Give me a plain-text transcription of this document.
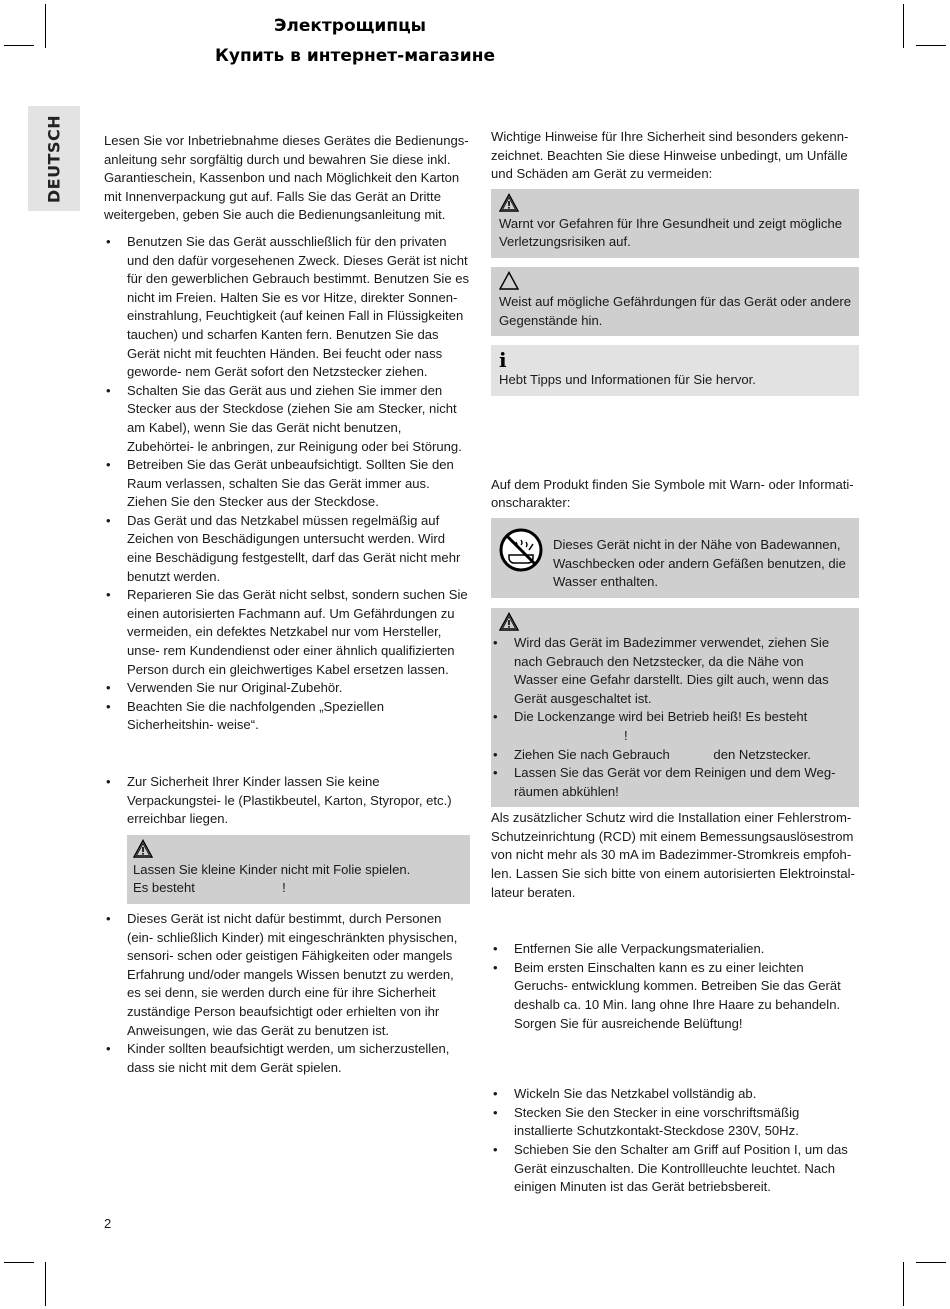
Электрощипцы
Купить в интернет-магазине
DEUTSCH	Lesen Sie vor Inbetriebnahme dieses Gerätes die Bedienungs- anleitung sehr sorgfältig durch und bewahren Sie diese inkl. Garantieschein, Kassenbon und nach Möglichkeit den Karton mit Innenverpackung gut auf. Falls Sie das Gerät an Dritte weitergeben, geben Sie auch die Bedienungsanleitung mit.

• Benutzen Sie das Gerät ausschließlich für den privaten und den dafür vorgesehenen Zweck. Dieses Gerät ist nicht für den gewerblichen Gebrauch bestimmt. Benutzen Sie es nicht im Freien. Halten Sie es vor Hitze, direkter Sonnen- einstrahlung, Feuchtigkeit (auf keinen Fall in Flüssigkeiten tauchen) und scharfen Kanten fern. Benutzen Sie das Gerät nicht mit feuchten Händen. Bei feucht oder nass geworde- nem Gerät sofort den Netzstecker ziehen.
• Schalten Sie das Gerät aus und ziehen Sie immer den Stecker aus der Steckdose (ziehen Sie am Stecker, nicht am Kabel), wenn Sie das Gerät nicht benutzen, Zubehörtei- le anbringen, zur Reinigung oder bei Störung.
• Betreiben Sie das Gerät unbeaufsichtigt. Sollten Sie den Raum verlassen, schalten Sie das Gerät immer aus. Ziehen Sie den Stecker aus der Steckdose.
• Das Gerät und das Netzkabel müssen regelmäßig auf Zeichen von Beschädigungen untersucht werden. Wird eine Beschädigung festgestellt, darf das Gerät nicht mehr benutzt werden.
• Reparieren Sie das Gerät nicht selbst, sondern suchen Sie einen autorisierten Fachmann auf. Um Gefährdungen zu vermeiden, ein defektes Netzkabel nur vom Hersteller, unse- rem Kundendienst oder einer ähnlich qualifizierten Person durch ein gleichwertiges Kabel ersetzen lassen.
• Verwenden Sie nur Original-Zubehör.
• Beachten Sie die nachfolgenden „Speziellen Sicherheitshin- weise“.
• Zur Sicherheit Ihrer Kinder lassen Sie keine Verpackungstei- le (Plastikbeutel, Karton, Styropor, etc.) erreichbar liegen.
Lassen Sie kleine Kinder nicht mit Folie spielen.
Es besteht                        !
• Dieses Gerät ist nicht dafür bestimmt, durch Personen (ein- schließlich Kinder) mit eingeschränkten physischen, sensori- schen oder geistigen Fähigkeiten oder mangels Erfahrung und/oder mangels Wissen benutzt zu werden, es sei denn, sie werden durch eine für ihre Sicherheit zuständige Person beaufsichtigt oder erhielten von ihr Anweisungen, wie das Gerät zu benutzen ist.
• Kinder sollten beaufsichtigt werden, um sicherzustellen, dass sie nicht mit dem Gerät spielen.

Wichtige Hinweise für Ihre Sicherheit sind besonders gekenn- zeichnet. Beachten Sie diese Hinweise unbedingt, um Unfälle und Schäden am Gerät zu vermeiden:

Warnt vor Gefahren für Ihre Gesundheit und zeigt mögliche Verletzungsrisiken auf.
Weist auf mögliche Gefährdungen für das Gerät oder andere Gegenstände hin.
i
Hebt Tipps und Informationen für Sie hervor.

Auf dem Produkt finden Sie Symbole mit Warn- oder Informati- onscharakter:

Dieses Gerät nicht in der Nähe von Badewannen, Waschbecken oder andern Gefäßen benutzen, die Wasser enthalten.
• Wird das Gerät im Badezimmer verwendet, ziehen Sie nach Gebrauch den Netzstecker, da die Nähe von Wasser eine Gefahr darstellt. Dies gilt auch, wenn das Gerät ausgeschaltet ist.
• Die Lockenzange wird bei Betrieb heiß! Es besteht
!
• Ziehen Sie nach Gebrauch            den Netzstecker.
• Lassen Sie das Gerät vor dem Reinigen und dem Weg- räumen abkühlen!

Als zusätzlicher Schutz wird die Installation einer Fehlerstrom- Schutzeinrichtung (RCD) mit einem Bemessungsauslösestrom von nicht mehr als 30 mA im Badezimmer-Stromkreis empfoh- len. Lassen Sie sich bitte von einem autorisierten Elektroinstal- lateur beraten.

• Entfernen Sie alle Verpackungsmaterialien.
• Beim ersten Einschalten kann es zu einer leichten Geruchs- entwicklung kommen. Betreiben Sie das Gerät deshalb ca. 10 Min. lang ohne Ihre Haare zu behandeln. Sorgen Sie für ausreichende Belüftung!
• Wickeln Sie das Netzkabel vollständig ab.
• Stecken Sie den Stecker in eine vorschriftsmäßig installierte Schutzkontakt-Steckdose 230V, 50Hz.
• Schieben Sie den Schalter am Griff auf Position I, um das Gerät einzuschalten. Die Kontrollleuchte leuchtet. Nach einigen Minuten ist das Gerät betriebsbereit.
2
